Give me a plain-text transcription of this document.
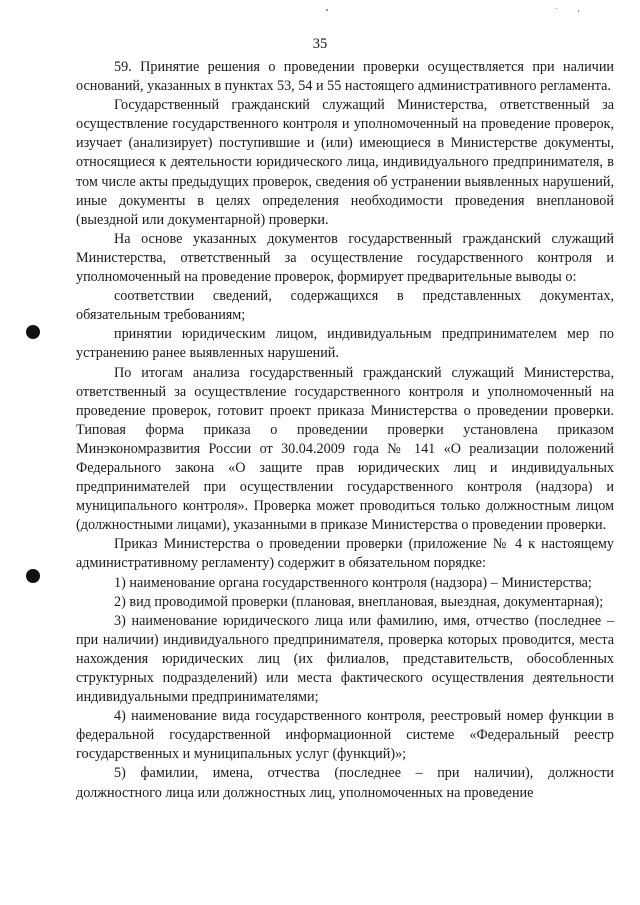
35

59. Принятие решения о проведении проверки осуществляется при наличии оснований, указанных в пунктах 53, 54 и 55 настоящего административного регламента.

Государственный гражданский служащий Министерства, ответственный за осуществление государственного контроля и уполномоченный на проведение проверок, изучает (анализирует) поступившие и (или) имеющиеся в Министерстве документы, относящиеся к деятельности юридического лица, индивидуального предпринимателя, в том числе акты предыдущих проверок, сведения об устранении выявленных нарушений, иные документы в целях определения необходимости проведения внеплановой (выездной или документарной) проверки.

На основе указанных документов государственный гражданский служащий Министерства, ответственный за осуществление государственного контроля и уполномоченный на проведение проверок, формирует предварительные выводы о:

соответствии сведений, содержащихся в представленных документах, обязательным требованиям;

принятии юридическим лицом, индивидуальным предпринимателем мер по устранению ранее выявленных нарушений.

По итогам анализа государственный гражданский служащий Министерства, ответственный за осуществление государственного контроля и уполномоченный на проведение проверок, готовит проект приказа Министерства о проведении проверки. Типовая форма приказа о проведении проверки установлена приказом Минэкономразвития России от 30.04.2009 года № 141 «О реализации положений Федерального закона «О защите прав юридических лиц и индивидуальных предпринимателей при осуществлении государственного контроля (надзора) и муниципального контроля». Проверка может проводиться только должностным лицом (должностными лицами), указанными в приказе Министерства о проведении проверки.

Приказ Министерства о проведении проверки (приложение № 4 к настоящему административному регламенту) содержит в обязательном порядке:

1) наименование органа государственного контроля (надзора) – Министерства;

2) вид проводимой проверки (плановая, внеплановая, выездная, документарная);

3) наименование юридического лица или фамилию, имя, отчество (последнее – при наличии) индивидуального предпринимателя, проверка которых проводится, места нахождения юридических лиц (их филиалов, представительств, обособленных структурных подразделений) или места фактического осуществления деятельности индивидуальными предпринимателями;

4) наименование вида государственного контроля, реестровый номер функции в федеральной государственной информационной системе «Федеральный реестр государственных и муниципальных услуг (функций)»;

5) фамилии, имена, отчества (последнее – при наличии), должности должностного лица или должностных лиц, уполномоченных на проведение
